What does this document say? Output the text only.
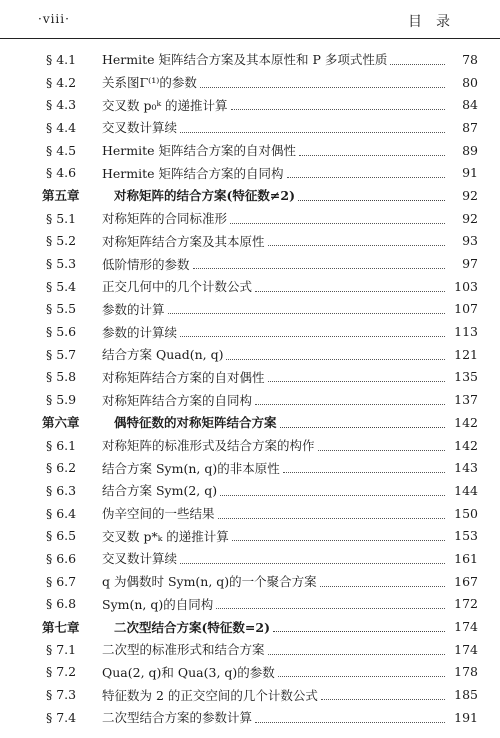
·viii·	目录
§ 4.1	Hermite 矩阵结合方案及其本原性和 P 多项式性质	78
§ 4.2	关系图Γ⁽¹⁾的参数	80
§ 4.3	交叉数 p₀ᵏ 的递推计算	84
§ 4.4	交叉数计算续	87
§ 4.5	Hermite 矩阵结合方案的自对偶性	89
§ 4.6	Hermite 矩阵结合方案的自同构	91
第五章	对称矩阵的结合方案(特征数≠2)	92
§ 5.1	对称矩阵的合同标准形	92
§ 5.2	对称矩阵结合方案及其本原性	93
§ 5.3	低阶情形的参数	97
§ 5.4	正交几何中的几个计数公式	103
§ 5.5	参数的计算	107
§ 5.6	参数的计算续	113
§ 5.7	结合方案 Quad(n, q)	121
§ 5.8	对称矩阵结合方案的自对偶性	135
§ 5.9	对称矩阵结合方案的自同构	137
第六章	偶特征数的对称矩阵结合方案	142
§ 6.1	对称矩阵的标准形式及结合方案的构作	142
§ 6.2	结合方案 Sym(n, q)的非本原性	143
§ 6.3	结合方案 Sym(2, q)	144
§ 6.4	伪辛空间的一些结果	150
§ 6.5	交叉数 p*ₖ 的递推计算	153
§ 6.6	交叉数计算续	161
§ 6.7	q 为偶数时 Sym(n, q)的一个聚合方案	167
§ 6.8	Sym(n, q)的自同构	172
第七章	二次型结合方案(特征数=2)	174
§ 7.1	二次型的标准形式和结合方案	174
§ 7.2	Qua(2, q)和 Qua(3, q)的参数	178
§ 7.3	特征数为 2 的正交空间的几个计数公式	185
§ 7.4	二次型结合方案的参数计算	191
